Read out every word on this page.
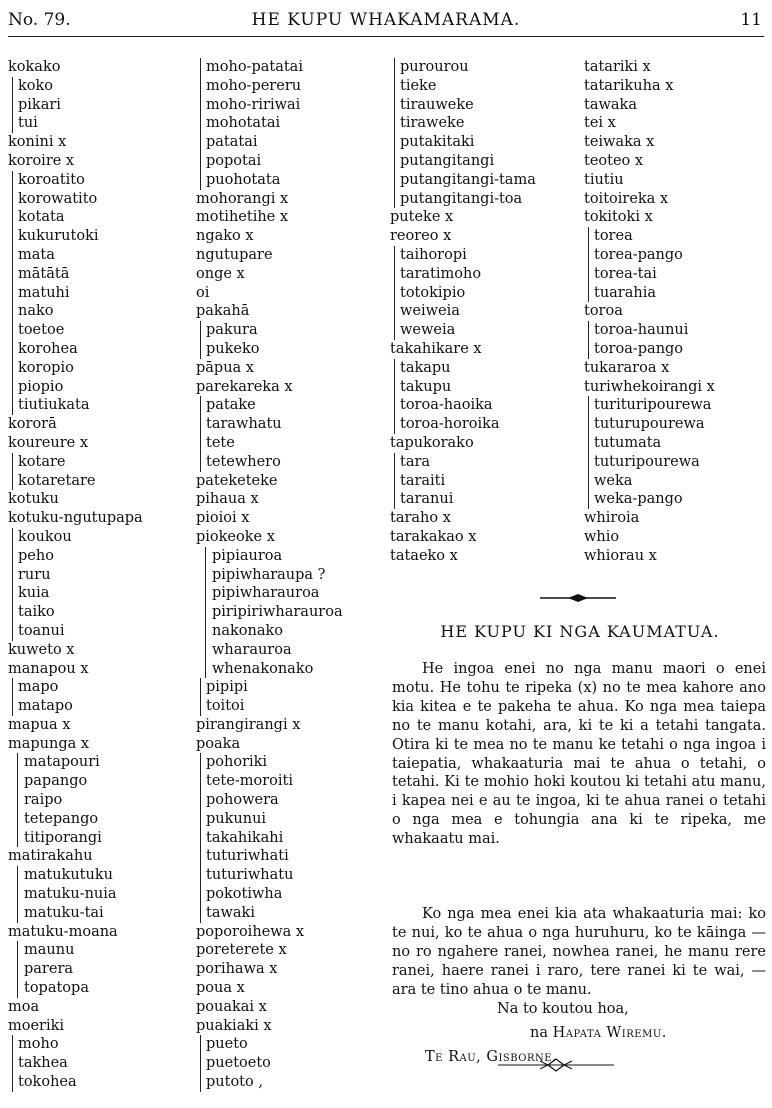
No. 79.	HE KUPU WHAKAMARAMA.	11
kokako
koko
pikari
tui
konini x
koroire x
koroatito
korowatito
kotata
kukurutoki
mata
mātātā
matuhi
nako
toetoe
korohea
koropio
piopio
tiutiukata
kororā
koureure x
kotare
kotaretare
kotuku
kotuku-ngutupapa
koukou
peho
ruru
kuia
taiko
toanui
kuweto x
manapou x
mapo
matapo
mapua x
mapunga x
matapouri
papango
raipo
tetepango
titiporangi
matirakahu
matukutuku
matuku-nuia
matuku-tai
matuku-moana
maunu
parera
topatopa
moa
moeriki
moho
takhea
tokohea
moho-patatai
moho-pereru
moho-ririwai
mohotatai
patatai
popotai
puohotata
mohorangi x
motihetihe x
ngako x
ngutupare
onge x
oi
pakahā
pakura
pukeko
pāpua x
parekareka x
patake
tarawhatu
tete
tetewhero
pateketeke
pihaua x
pioioi x
piokeoke x
pipiauroa
pipiwharaupa ?
pipiwharauroa
piripiriwharauroa
nakonako
wharauroa
whenakonako
pipipi
toitoi
pirangirangi x
poaka
pohoriki
tete-moroiti
pohowera
pukunui
takahikahi
tuturiwhati
tuturiwhatu
pokotiwha
tawaki
poporoihewa x
poreterete x
porihawa x
poua x
pouakai x
puakiaki x
pueto
puetoeto
putoto ,
purourou
tieke
tirauweke
tiraweke
putakitaki
putangitangi
putangitangi-tama
putangitangi-toa
puteke x
reoreo x
taihoropi
taratimoho
totokipio
weiweia
weweia
takahikare x
takapu
takupu
toroa-haoika
toroa-horoika
tapukorako
tara
taraiti
taranui
taraho x
tarakakao x
tataeko x
tatariki x
tatarikuha x
tawaka
tei x
teiwaka x
teoteo x
tiutiu
toitoireka x
tokitoki x
torea
torea-pango
torea-tai
tuarahia
toroa
toroa-haunui
toroa-pango
tukararoa x
turiwhekoirangi x
turituripourewa
tuturupourewa
tutumata
tuturipourewa
weka
weka-pango
whiroia
whio
whiorau x
HE KUPU KI NGA KAUMATUA.
He ingoa enei no nga manu maori o enei motu. He tohu te ripeka (x) no te mea kahore ano kia kitea e te pakeha te ahua. Ko nga mea taiepa no te manu kotahi, ara, ki te ki a tetahi tangata. Otira ki te mea no te manu ke tetahi o nga ingoa i taiepatia, whakaaturia mai te ahua o tetahi, o tetahi. Ki te mohio hoki koutou ki tetahi atu manu, i kapea nei e au te ingoa, ki te ahua ranei o tetahi o nga mea e tohungia ana ki te ripeka, me whakaatu mai.
Ko nga mea enei kia ata whakaaturia mai: ko te nui, ko te ahua o nga huruhuru, ko te kāinga — no ro ngahere ranei, nowhea ranei, he manu rere ranei, haere ranei i raro, tere ranei ki te wai, — ara te tino ahua o te manu.
Na to koutou hoa,
na Hapata Wiremu.
Te Rau, Gisborne.
